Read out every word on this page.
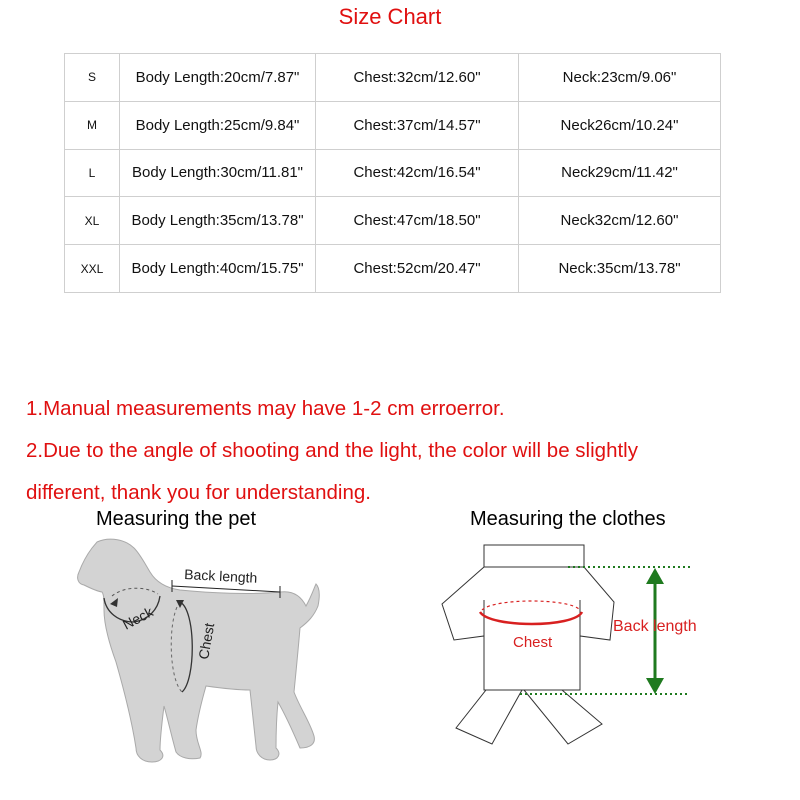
Size Chart
S	Body Length:20cm/7.87"	Chest:32cm/12.60"	Neck:23cm/9.06"
M	Body Length:25cm/9.84"	Chest:37cm/14.57"	Neck26cm/10.24"
L	Body Length:30cm/11.81"	Chest:42cm/16.54"	Neck29cm/11.42"
XL	Body Length:35cm/13.78"	Chest:47cm/18.50"	Neck32cm/12.60"
XXL	Body Length:40cm/15.75"	Chest:52cm/20.47"	Neck:35cm/13.78"

1.Manual measurements may have 1-2 cm erroerror.

2.Due to the angle of shooting and the light, the color will be slightly

different, thank you for understanding.

Measuring the pet	Measuring the clothes
Back length
Neck
Chest	Chest
Back length
